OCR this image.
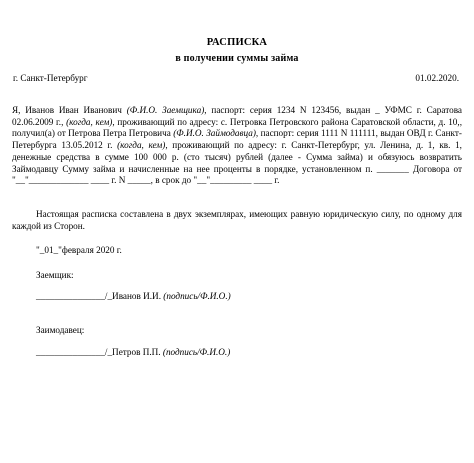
РАСПИСКА
в получении суммы займа
г. Санкт-Петербург	01.02.2020.
Я, Иванов Иван Иванович (Ф.И.О. Заемщика), паспорт: серия 1234 N 123456, выдан _ УФМС г. Саратова 02.06.2009 г., (когда, кем), проживающий по адресу: с. Петровка Петровского района Саратовской области, д. 10,, получил(а) от Петрова Петра Петровича (Ф.И.О. Займодавца), паспорт: серия 1111 N 111111, выдан ОВД г. Санкт-Петербурга 13.05.2012 г. (когда, кем), проживающий по адресу: г. Санкт-Петербург, ул. Ленина, д. 1, кв. 1, денежные средства в сумме 100 000 р. (сто тысяч) рублей (далее - Сумма займа) и обязуюсь возвратить Займодавцу Сумму займа и начисленные на нее проценты в порядке, установленном п. _______ Договора от "__"_____________ ____ г. N _____, в срок до "__"_________ ____ г.
Настоящая расписка составлена в двух экземплярах, имеющих равную юридическую силу, по одному для каждой из Сторон.
"_01_"февраля 2020 г.
Заемщик:
_______________/_Иванов И.И. (подпись/Ф.И.О.)
Заимодавец:
_______________/_Петров П.П. (подпись/Ф.И.О.)
